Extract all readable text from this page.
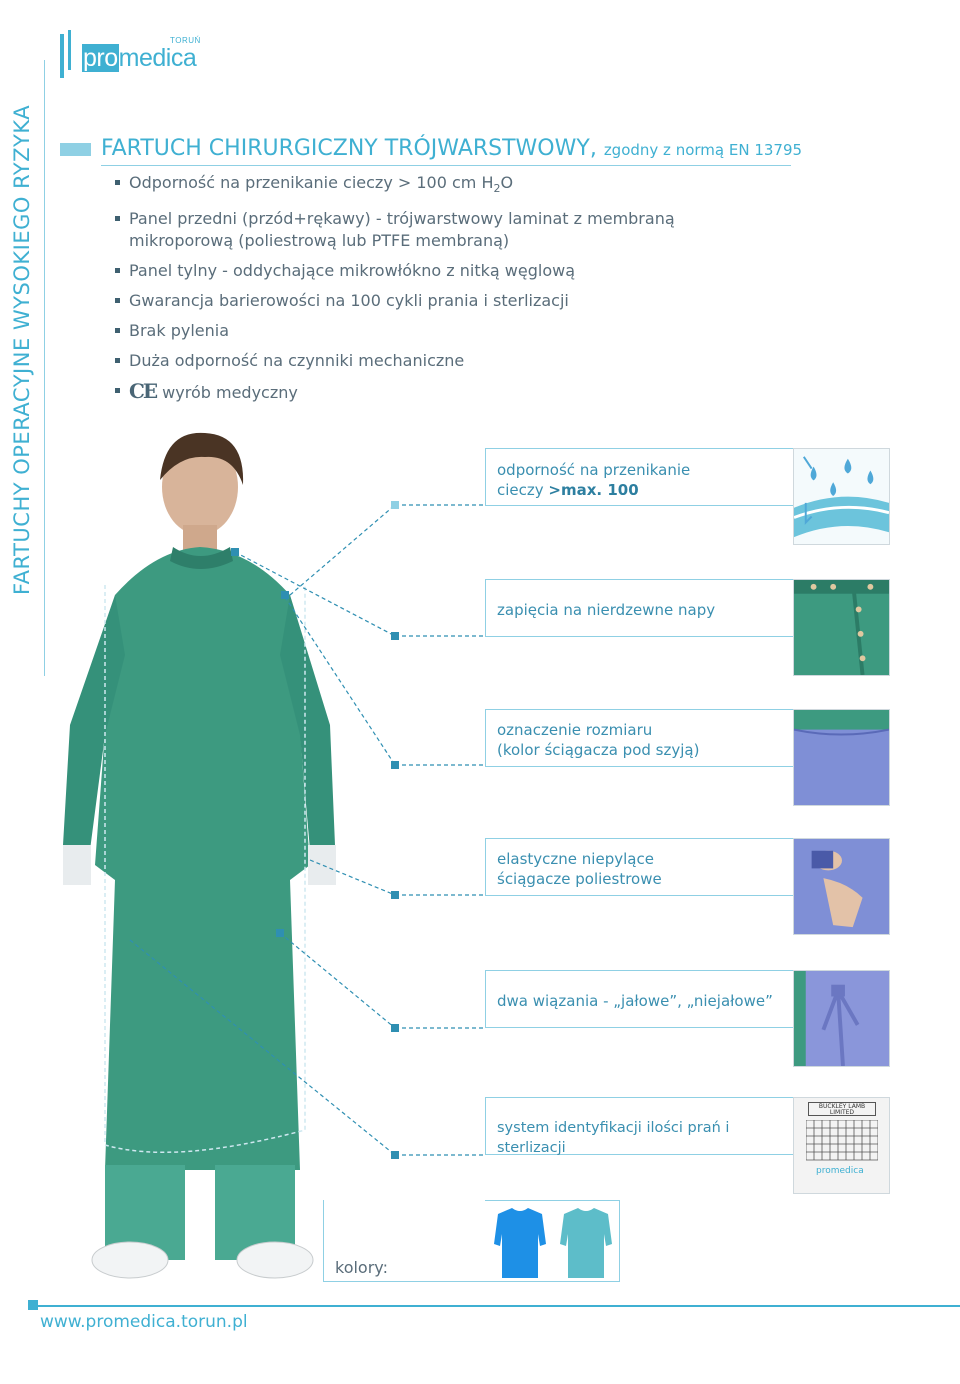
FARTUCHY OPERACYJNE WYSOKIEGO RYZYKA
promedica
TORUŃ
FARTUCH CHIRURGICZNY TRÓJWARSTWOWY, zgodny z normą EN 13795
Odporność na przenikanie cieczy > 100 cm $H_2O$
Panel przedni (przód+rękawy) - trójwarstwowy laminat z membraną mikroporową (poliestrową lub PTFE membraną)
Panel tylny - oddychające mikrowłókno z nitką węglową
Gwarancja barierowości na 100 cykli prania i sterlizacji
Brak pylenia
Duża odporność na czynniki mechaniczne
CE wyrób medyczny
odporność na przenikanie
cieczy >max. 100
zapięcia na nierdzewne napy
oznaczenie rozmiaru
(kolor ściągacza pod szyją)
elastyczne niepylące
ściągacze poliestrowe
dwa wiązania - „jałowe”, „niejałowe”
system identyfikacji ilości prań i sterlizacji
BUCKLEY LAMB
LIMITED
promedica
kolory:
www.promedica.torun.pl
